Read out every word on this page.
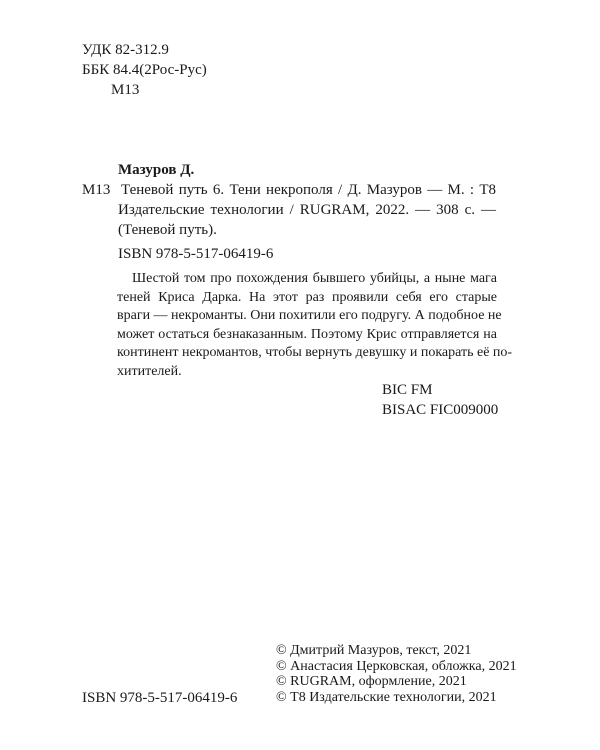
УДК 82-312.9
ББК 84.4(2Рос-Рус)
М13
Мазуров Д.
М13 Теневой путь 6. Тени некрополя / Д. Мазуров — М. : Т8
Издательские технологии / RUGRAM, 2022. — 308 с. —
(Теневой путь).
ISBN 978-5-517-06419-6
Шестой том про похождения бывшего убийцы, а ныне мага
теней Криса Дарка. На этот раз проявили себя его старые
враги — некроманты. Они похитили его подругу. А подобное не
может остаться безнаказанным. Поэтому Крис отправляется на
континент некромантов, чтобы вернуть девушку и покарать её по-
хитителей.
BIC FM
BISAC FIC009000
ISBN 978-5-517-06419-6
© Дмитрий Мазуров, текст, 2021
© Анастасия Церковская, обложка, 2021
© RUGRAM, оформление, 2021
© Т8 Издательские технологии, 2021
